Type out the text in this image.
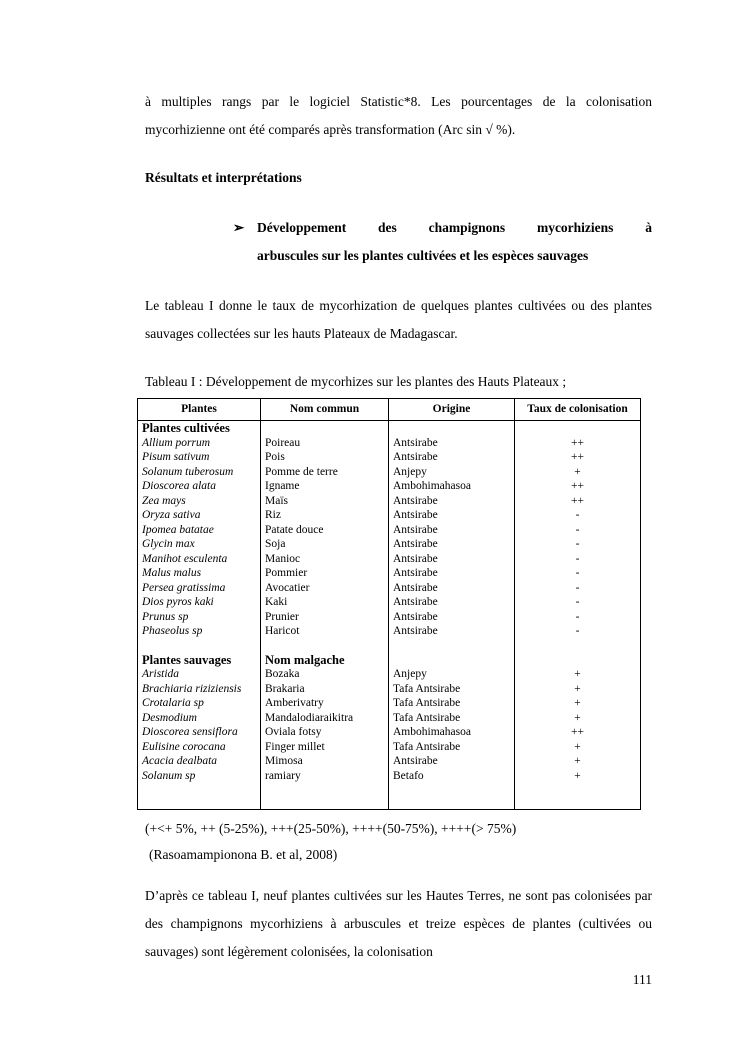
à multiples rangs par le logiciel Statistic*8. Les pourcentages de la colonisation mycorhizienne ont été comparés après transformation (Arc sin √ %).

Résultats et interprétations

➢ Développement des champignons mycorhiziens à
arbuscules sur les plantes cultivées et les espèces sauvages

Le tableau I donne le taux de mycorhization de quelques plantes cultivées ou des plantes sauvages collectées sur les hauts Plateaux de Madagascar.

Tableau I : Développement de mycorhizes sur les plantes des Hauts Plateaux ;

Plantes	Nom commun	Origine	Taux de colonisation
Plantes cultivées			
Allium porrum	Poireau	Antsirabe	++
Pisum sativum	Pois	Antsirabe	++
Solanum tuberosum	Pomme de terre	Anjepy	+
Dioscorea alata	Igname	Ambohimahasoa	++
Zea mays	Maïs	Antsirabe	++
Oryza sativa	Riz	Antsirabe	-
Ipomea batatae	Patate douce	Antsirabe	-
Glycin max	Soja	Antsirabe	-
Manihot esculenta	Manioc	Antsirabe	-
Malus malus	Pommier	Antsirabe	-
Persea gratissima	Avocatier	Antsirabe	-
Dios pyros kaki	Kaki	Antsirabe	-
Prunus sp	Prunier	Antsirabe	-
Phaseolus sp	Haricot	Antsirabe	-

Plantes sauvages	Nom malgache		
Aristida	Bozaka	Anjepy	+
Brachiaria riziziensis	Brakaria	Tafa Antsirabe	+
Crotalaria sp	Amberivatry	Tafa Antsirabe	+
Desmodium	Mandalodiaraikitra	Tafa Antsirabe	+
Dioscorea sensiflora	Oviala fotsy	Ambohimahasoa	++
Eulisine corocana	Finger millet	Tafa Antsirabe	+
Acacia dealbata	Mimosa	Antsirabe	+
Solanum sp	ramiary	Betafo	+

(+<+ 5%, ++ (5-25%), +++(25-50%), ++++(50-75%), ++++(> 75%)

(Rasoamampionona B. et al, 2008)

D’après ce tableau I, neuf plantes cultivées sur les Hautes Terres, ne sont pas colonisées par des champignons mycorhiziens à arbuscules et treize espèces de plantes (cultivées ou sauvages) sont légèrement colonisées, la colonisation

111
